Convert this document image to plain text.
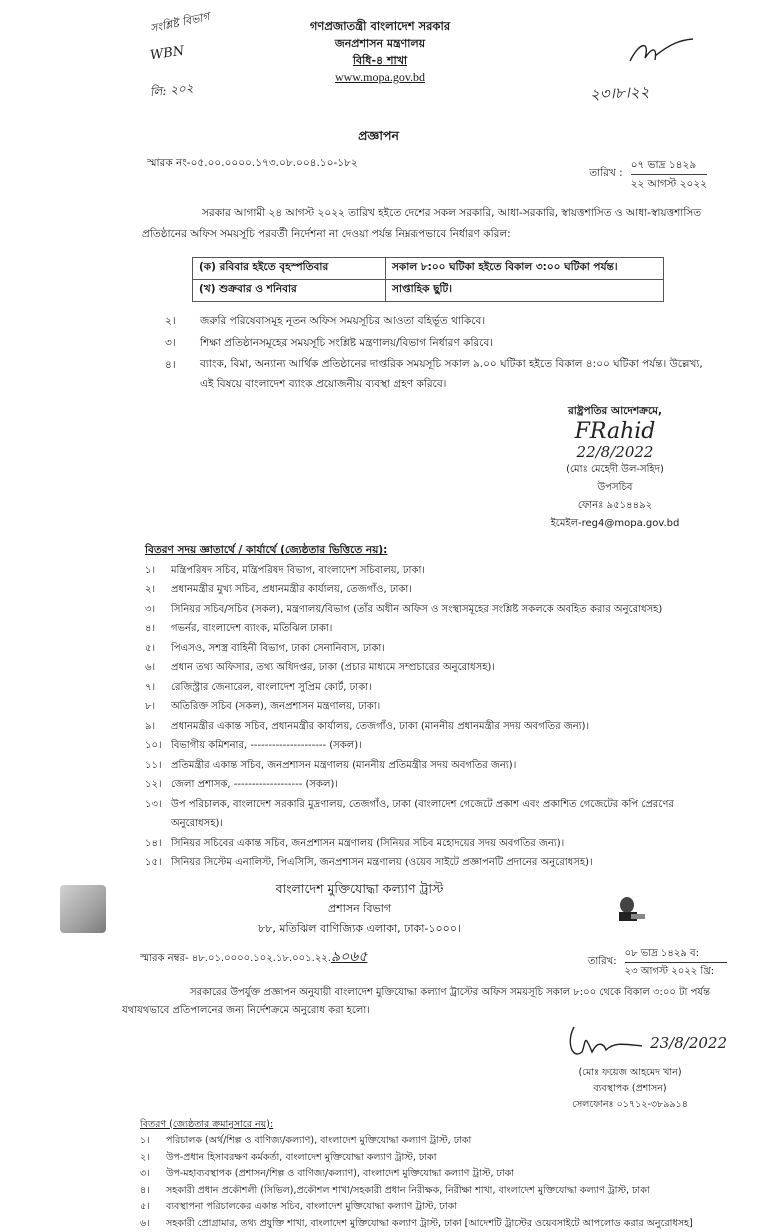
সংশ্লিষ্ট বিভাগ
WBN
লি: ২০২
গণপ্রজাতন্ত্রী বাংলাদেশ সরকার
জনপ্রশাসন মন্ত্রণালয়
বিধি-৪ শাখা
www.mopa.gov.bd
২৩।৮।২২
প্রজ্ঞাপন
স্মারক নং-০৫.০০.০০০০.১৭৩.০৮.০০৪.১০-১৮২
তারিখ :
০৭ ভাদ্র ১৪২৯
২২ আগস্ট ২০২২
সরকার আগামী ২৪ আগস্ট ২০২২ তারিখ হইতে দেশের সকল সরকারি, আধা-সরকারি, স্বায়ত্তশাসিত ও আধা-স্বায়ত্তশাসিত প্রতিষ্ঠানের অফিস সময়সূচি পরবর্তী নির্দেশনা না দেওয়া পর্যন্ত নিম্নরূপভাবে নির্ধারণ করিল:
(ক) রবিবার হইতে বৃহস্পতিবার	সকাল ৮:০০ ঘটিকা হইতে বিকাল ৩:০০ ঘটিকা পর্যন্ত।
(খ) শুক্রবার ও শনিবার	সাপ্তাহিক ছুটি।
২।	জরুরি পরিষেবাসমূহ নূতন অফিস সময়সূচির আওতা বহির্ভূত থাকিবে।
৩।	শিক্ষা প্রতিষ্ঠানসমূহের সময়সূচি সংশ্লিষ্ট মন্ত্রণালয়/বিভাগ নির্ধারণ করিবে।
৪।	ব্যাংক, বিমা, অন্যান্য আর্থিক প্রতিষ্ঠানের দাপ্তরিক সময়সূচি সকাল ৯.০০ ঘটিকা হইতে বিকাল ৪:০০ ঘটিকা পর্যন্ত। উল্লেখ্য, এই বিষয়ে বাংলাদেশ ব্যাংক প্রয়োজনীয় ব্যবস্থা গ্রহণ করিবে।
রাষ্ট্রপতির আদেশক্রমে,
FRahid
22/8/2022
(মোঃ মেহেদী উল-সহিদ)
উপসচিব
ফোনঃ ৯৫১৪৪৯২
ইমেইল-reg4@mopa.gov.bd
বিতরণ সদয় জ্ঞাতার্থে / কার্যার্থে (জ্যেষ্ঠতার ভিত্তিতে নয়):
১।	মন্ত্রিপরিষদ সচিব, মন্ত্রিপরিষদ বিভাগ, বাংলাদেশ সচিবালয়, ঢাকা।
২।	প্রধানমন্ত্রীর মুখ্য সচিব, প্রধানমন্ত্রীর কার্যালয়, তেজগাঁও, ঢাকা।
৩।	সিনিয়র সচিব/সচিব (সকল), মন্ত্রণালয়/বিভাগ (তাঁর অধীন অফিস ও সংস্থাসমূহের সংশ্লিষ্ট সকলকে অবহিত করার অনুরোধসহ)
৪।	গভর্নর, বাংলাদেশ ব্যাংক, মতিঝিল ঢাকা।
৫।	পিএসও, সশস্ত্র বাহিনী বিভাগ, ঢাকা সেনানিবাস, ঢাকা।
৬।	প্রধান তথ্য অফিসার, তথ্য অধিদপ্তর, ঢাকা (প্রচার মাধ্যমে সম্প্রচারের অনুরোধসহ)।
৭।	রেজিস্ট্রার জেনারেল, বাংলাদেশ সুপ্রিম কোর্ট, ঢাকা।
৮।	অতিরিক্ত সচিব (সকল), জনপ্রশাসন মন্ত্রণালয়, ঢাকা।
৯।	প্রধানমন্ত্রীর একান্ত সচিব, প্রধানমন্ত্রীর কার্যালয়, তেজগাঁও, ঢাকা (মাননীয় প্রধানমন্ত্রীর সদয় অবগতির জন্য)।
১০। বিভাগীয় কমিশনার, --------------------- (সকল)।
১১। প্রতিমন্ত্রীর একান্ত সচিব, জনপ্রশাসন মন্ত্রণালয় (মাননীয় প্রতিমন্ত্রীর সদয় অবগতির জন্য)।
১২। জেলা প্রশাসক, ------------------- (সকল)।
১৩। উপ পরিচালক, বাংলাদেশ সরকারি মুদ্রণালয়, তেজগাঁও, ঢাকা (বাংলাদেশ গেজেটে প্রকাশ এবং প্রকাশিত গেজেটের কপি প্রেরণের অনুরোধসহ)।
১৪। সিনিয়র সচিবের একান্ত সচিব, জনপ্রশাসন মন্ত্রণালয় (সিনিয়র সচিব মহোদয়ের সদয় অবগতির জন্য)।
১৫। সিনিয়র সিস্টেম এনালিস্ট, পিএসিসি, জনপ্রশাসন মন্ত্রণালয় (ওয়েব সাইটে প্রজ্ঞাপনটি প্রদানের অনুরোধসহ)।
বাংলাদেশ মুক্তিযোদ্ধা কল্যাণ ট্রাস্ট
প্রশাসন বিভাগ
৮৮, মতিঝিল বাণিজ্যিক এলাকা, ঢাকা-১০০০।
স্মারক নম্বর- ৪৮.০১.০০০০.১০২.১৮.০০১.২২.৯০৬৫	তারিখ:
০৮ ভাদ্র ১৪২৯ ব:
২৩ আগস্ট ২০২২ খ্রি:
সরকারের উপর্যুক্ত প্রজ্ঞাপন অনুযায়ী বাংলাদেশ মুক্তিযোদ্ধা কল্যাণ ট্রাস্টের অফিস সময়সূচি সকাল ৮:০০ থেকে বিকাল ৩:০০ টা পর্যন্ত যথাযথভাবে প্রতিপালনের জন্য নির্দেশক্রমে অনুরোধ করা হলো।
23/8/2022
(মোঃ ফয়েজ আহমেদ খান)
ব্যবস্থাপক (প্রশাসন)
সেলফোনঃ ০১৭১২-৩৮৯৯১৪
বিতরণ (জ্যেষ্ঠতার ক্রমানুসারে নয়):
১।	পরিচালক (অর্থ/শিল্প ও বাণিজ্য/কল্যাণ), বাংলাদেশ মুক্তিযোদ্ধা কল্যাণ ট্রাস্ট, ঢাকা
২।	উপ-প্রধান হিসাবরক্ষণ কর্মকর্তা, বাংলাদেশ মুক্তিযোদ্ধা কল্যাণ ট্রাস্ট, ঢাকা
৩।	উপ-মহাব্যবস্থাপক (প্রশাসন/শিল্প ও বাণিজ্য/কল্যাণ), বাংলাদেশ মুক্তিযোদ্ধা কল্যাণ ট্রাস্ট, ঢাকা
৪।	সহকারী প্রধান প্রকৌশলী (সিভিল),প্রকৌশল শাখা/সহকারী প্রধান নিরীক্ষক, নিরীক্ষা শাখা, বাংলাদেশ মুক্তিযোদ্ধা কল্যাণ ট্রাস্ট, ঢাকা
৫।	ব্যবস্থাপনা পরিচালকের একান্ত সচিব, বাংলাদেশ মুক্তিযোদ্ধা কল্যাণ ট্রাস্ট, ঢাকা
৬।	সহকারী প্রোগ্রামার, তথ্য প্রযুক্তি শাখা, বাংলাদেশ মুক্তিযোদ্ধা কল্যাণ ট্রাস্ট, ঢাকা [আদেশটি ট্রাস্টের ওয়েবসাইটে আপলোড করার অনুরোধসহ]
